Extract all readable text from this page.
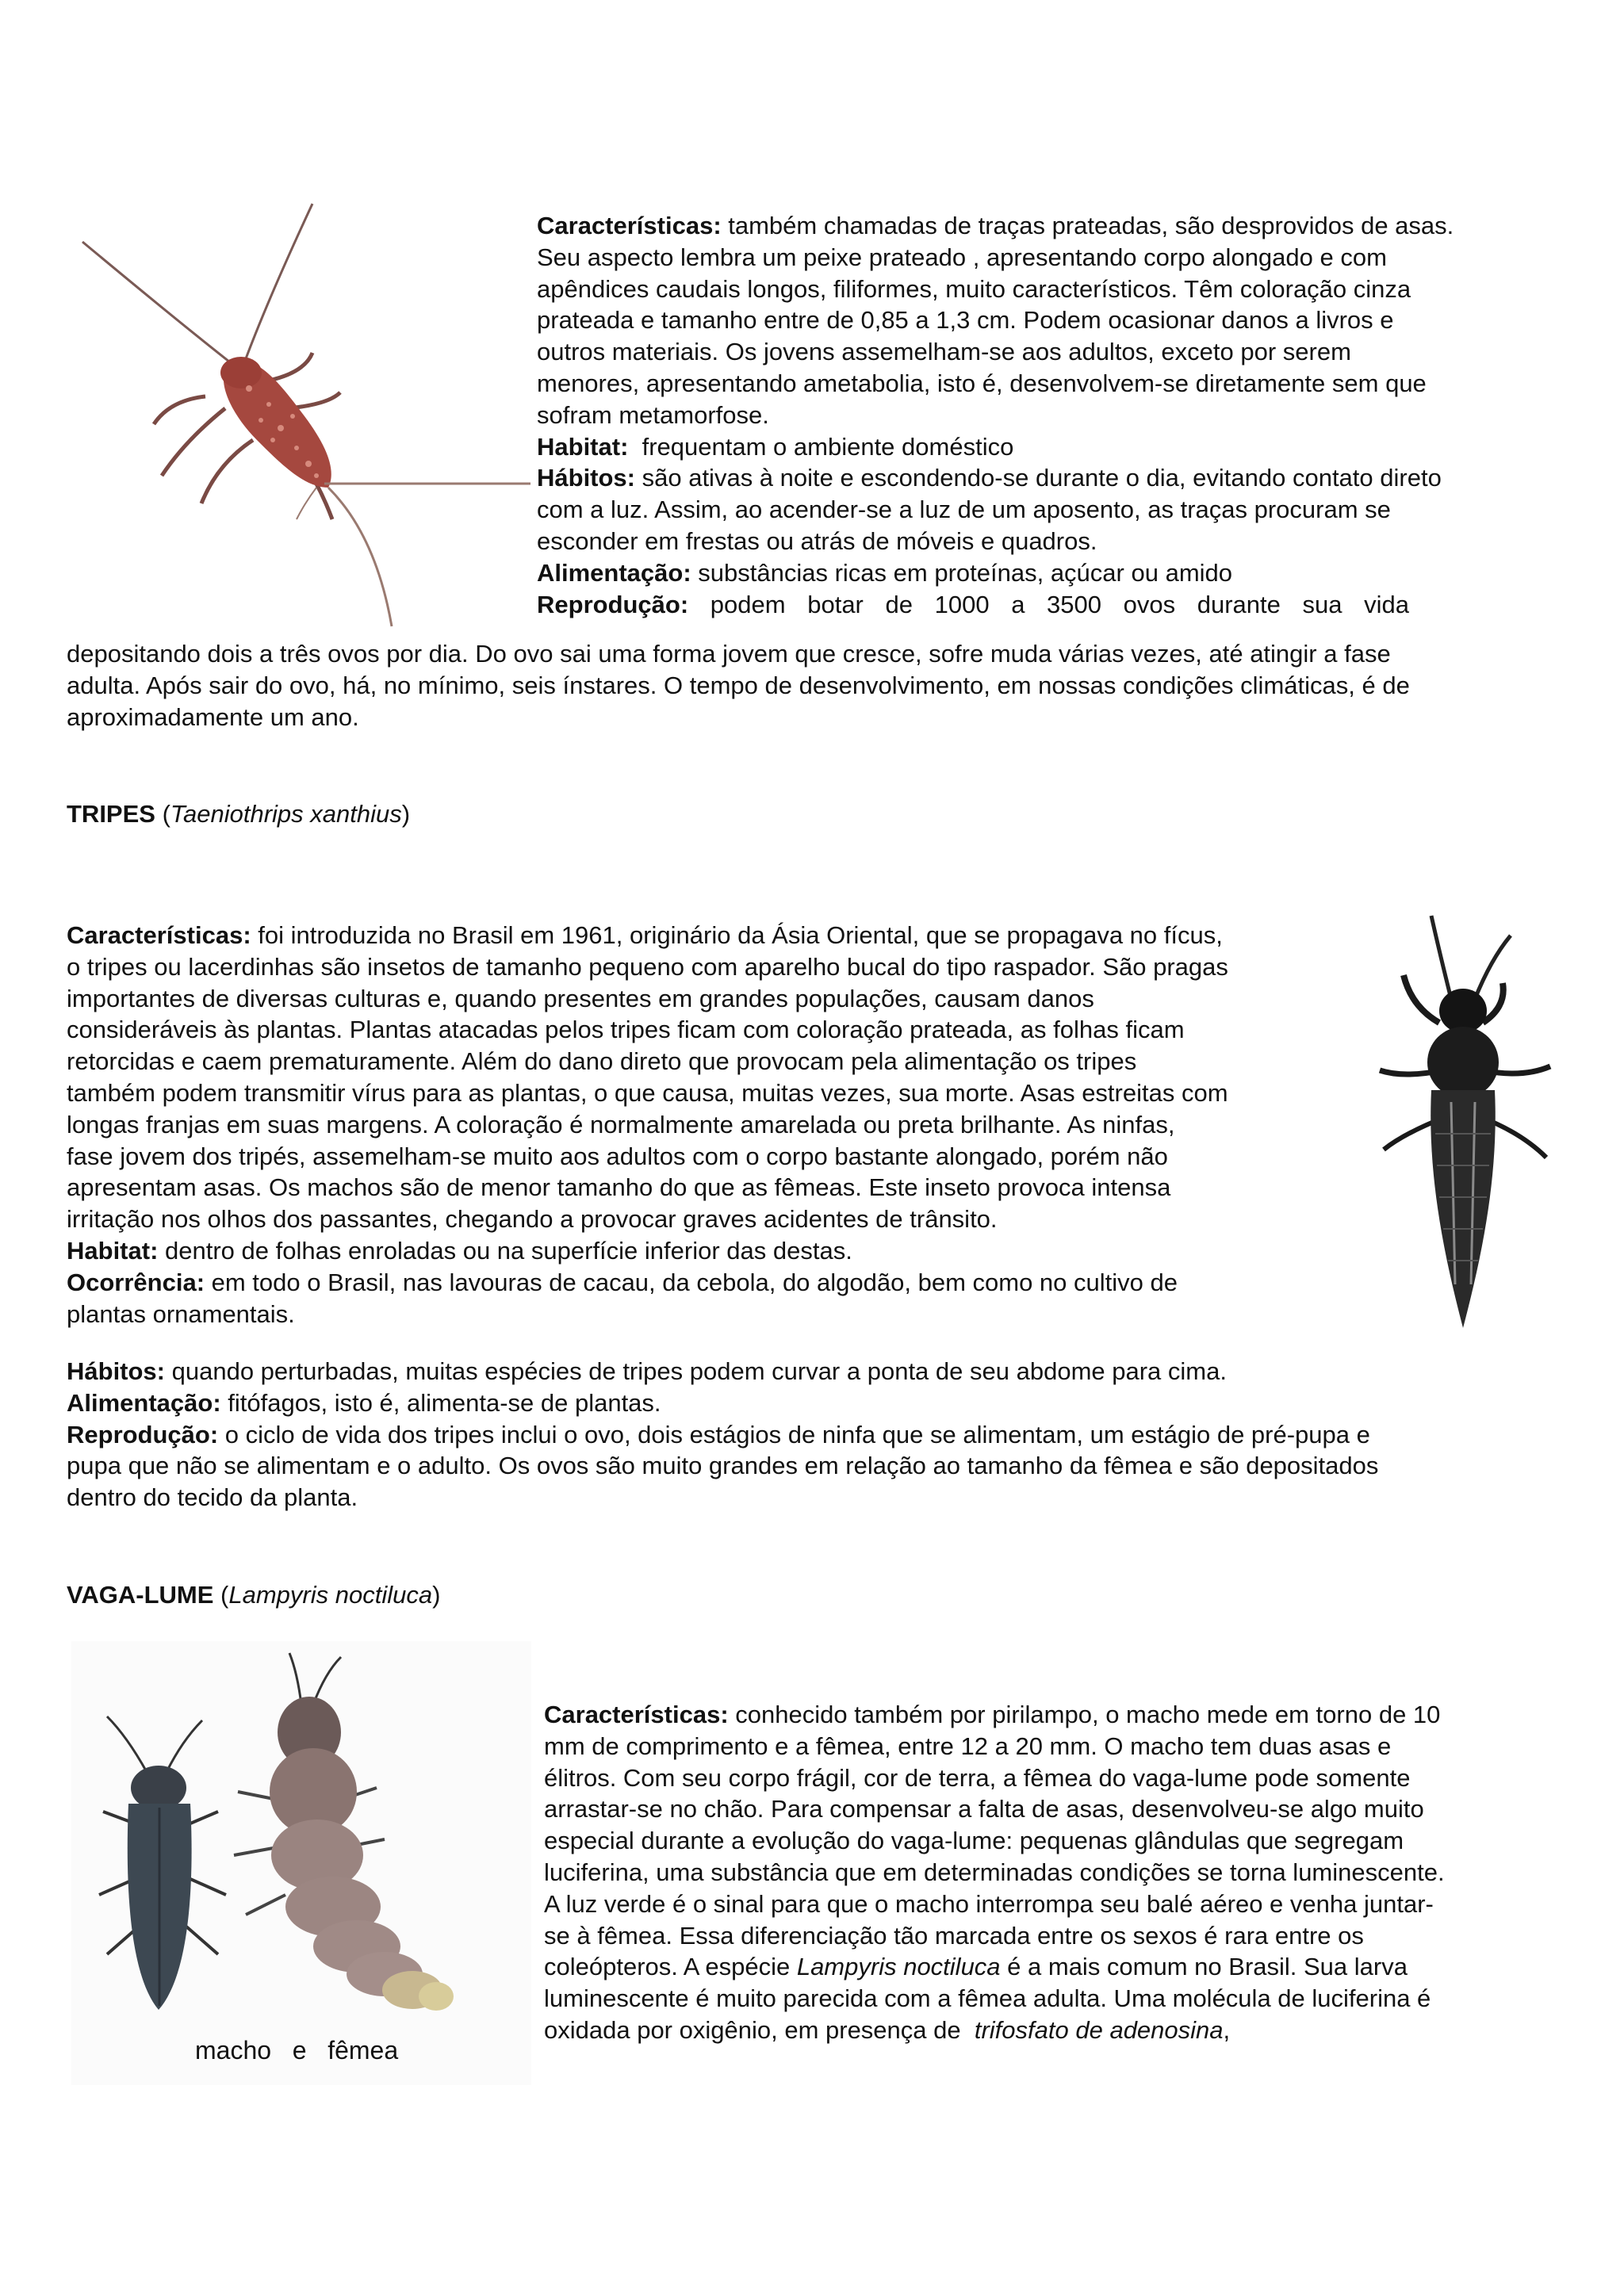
Características: também chamadas de traças prateadas, são desprovidos de asas.
Seu aspecto lembra um peixe prateado , apresentando corpo alongado e com
apêndices caudais longos, filiformes, muito característicos. Têm coloração cinza
prateada e tamanho entre de 0,85 a 1,3 cm. Podem ocasionar danos a livros e
outros materiais. Os jovens assemelham-se aos adultos, exceto por serem
menores, apresentando ametabolia, isto é, desenvolvem-se diretamente sem que
sofram metamorfose.
Habitat:  frequentam o ambiente doméstico
Hábitos: são ativas à noite e escondendo-se durante o dia, evitando contato direto
com a luz. Assim, ao acender-se a luz de um aposento, as traças procuram se
esconder em frestas ou atrás de móveis e quadros.
Alimentação: substâncias ricas em proteínas, açúcar ou amido
Reprodução: podem botar de 1000 a 3500 ovos durante sua vida
depositando dois a três ovos por dia. Do ovo sai uma forma jovem que cresce, sofre muda várias vezes, até atingir a fase
adulta. Após sair do ovo, há, no mínimo, seis ínstares. O tempo de desenvolvimento, em nossas condições climáticas, é de
aproximadamente um ano.
TRIPES (Taeniothrips xanthius)
Características: foi introduzida no Brasil em 1961, originário da Ásia Oriental, que se propagava no fícus,
o tripes ou lacerdinhas são insetos de tamanho pequeno com aparelho bucal do tipo raspador. São pragas
importantes de diversas culturas e, quando presentes em grandes populações, causam danos
consideráveis às plantas. Plantas atacadas pelos tripes ficam com coloração prateada, as folhas ficam
retorcidas e caem prematuramente. Além do dano direto que provocam pela alimentação os tripes
também podem transmitir vírus para as plantas, o que causa, muitas vezes, sua morte. Asas estreitas com
longas franjas em suas margens. A coloração é normalmente amarelada ou preta brilhante. As ninfas,
fase jovem dos tripés, assemelham-se muito aos adultos com o corpo bastante alongado, porém não
apresentam asas. Os machos são de menor tamanho do que as fêmeas. Este inseto provoca intensa
irritação nos olhos dos passantes, chegando a provocar graves acidentes de trânsito.
Habitat: dentro de folhas enroladas ou na superfície inferior das destas.
Ocorrência: em todo o Brasil, nas lavouras de cacau, da cebola, do algodão, bem como no cultivo de
plantas ornamentais.
Hábitos: quando perturbadas, muitas espécies de tripes podem curvar a ponta de seu abdome para cima.
Alimentação: fitófagos, isto é, alimenta-se de plantas.
Reprodução: o ciclo de vida dos tripes inclui o ovo, dois estágios de ninfa que se alimentam, um estágio de pré-pupa e
pupa que não se alimentam e o adulto. Os ovos são muito grandes em relação ao tamanho da fêmea e são depositados
dentro do tecido da planta.
VAGA-LUME (Lampyris noctiluca)
macho   e   fêmea
Características: conhecido também por pirilampo, o macho mede em torno de 10
mm de comprimento e a fêmea, entre 12 a 20 mm. O macho tem duas asas e
élitros. Com seu corpo frágil, cor de terra, a fêmea do vaga-lume pode somente
arrastar-se no chão. Para compensar a falta de asas, desenvolveu-se algo muito
especial durante a evolução do vaga-lume: pequenas glândulas que segregam
luciferina, uma substância que em determinadas condições se torna luminescente.
A luz verde é o sinal para que o macho interrompa seu balé aéreo e venha juntar-
se à fêmea. Essa diferenciação tão marcada entre os sexos é rara entre os
coleópteros. A espécie Lampyris noctiluca é a mais comum no Brasil. Sua larva
luminescente é muito parecida com a fêmea adulta. Uma molécula de luciferina é
oxidada por oxigênio, em presença de  trifosfato de adenosina,
